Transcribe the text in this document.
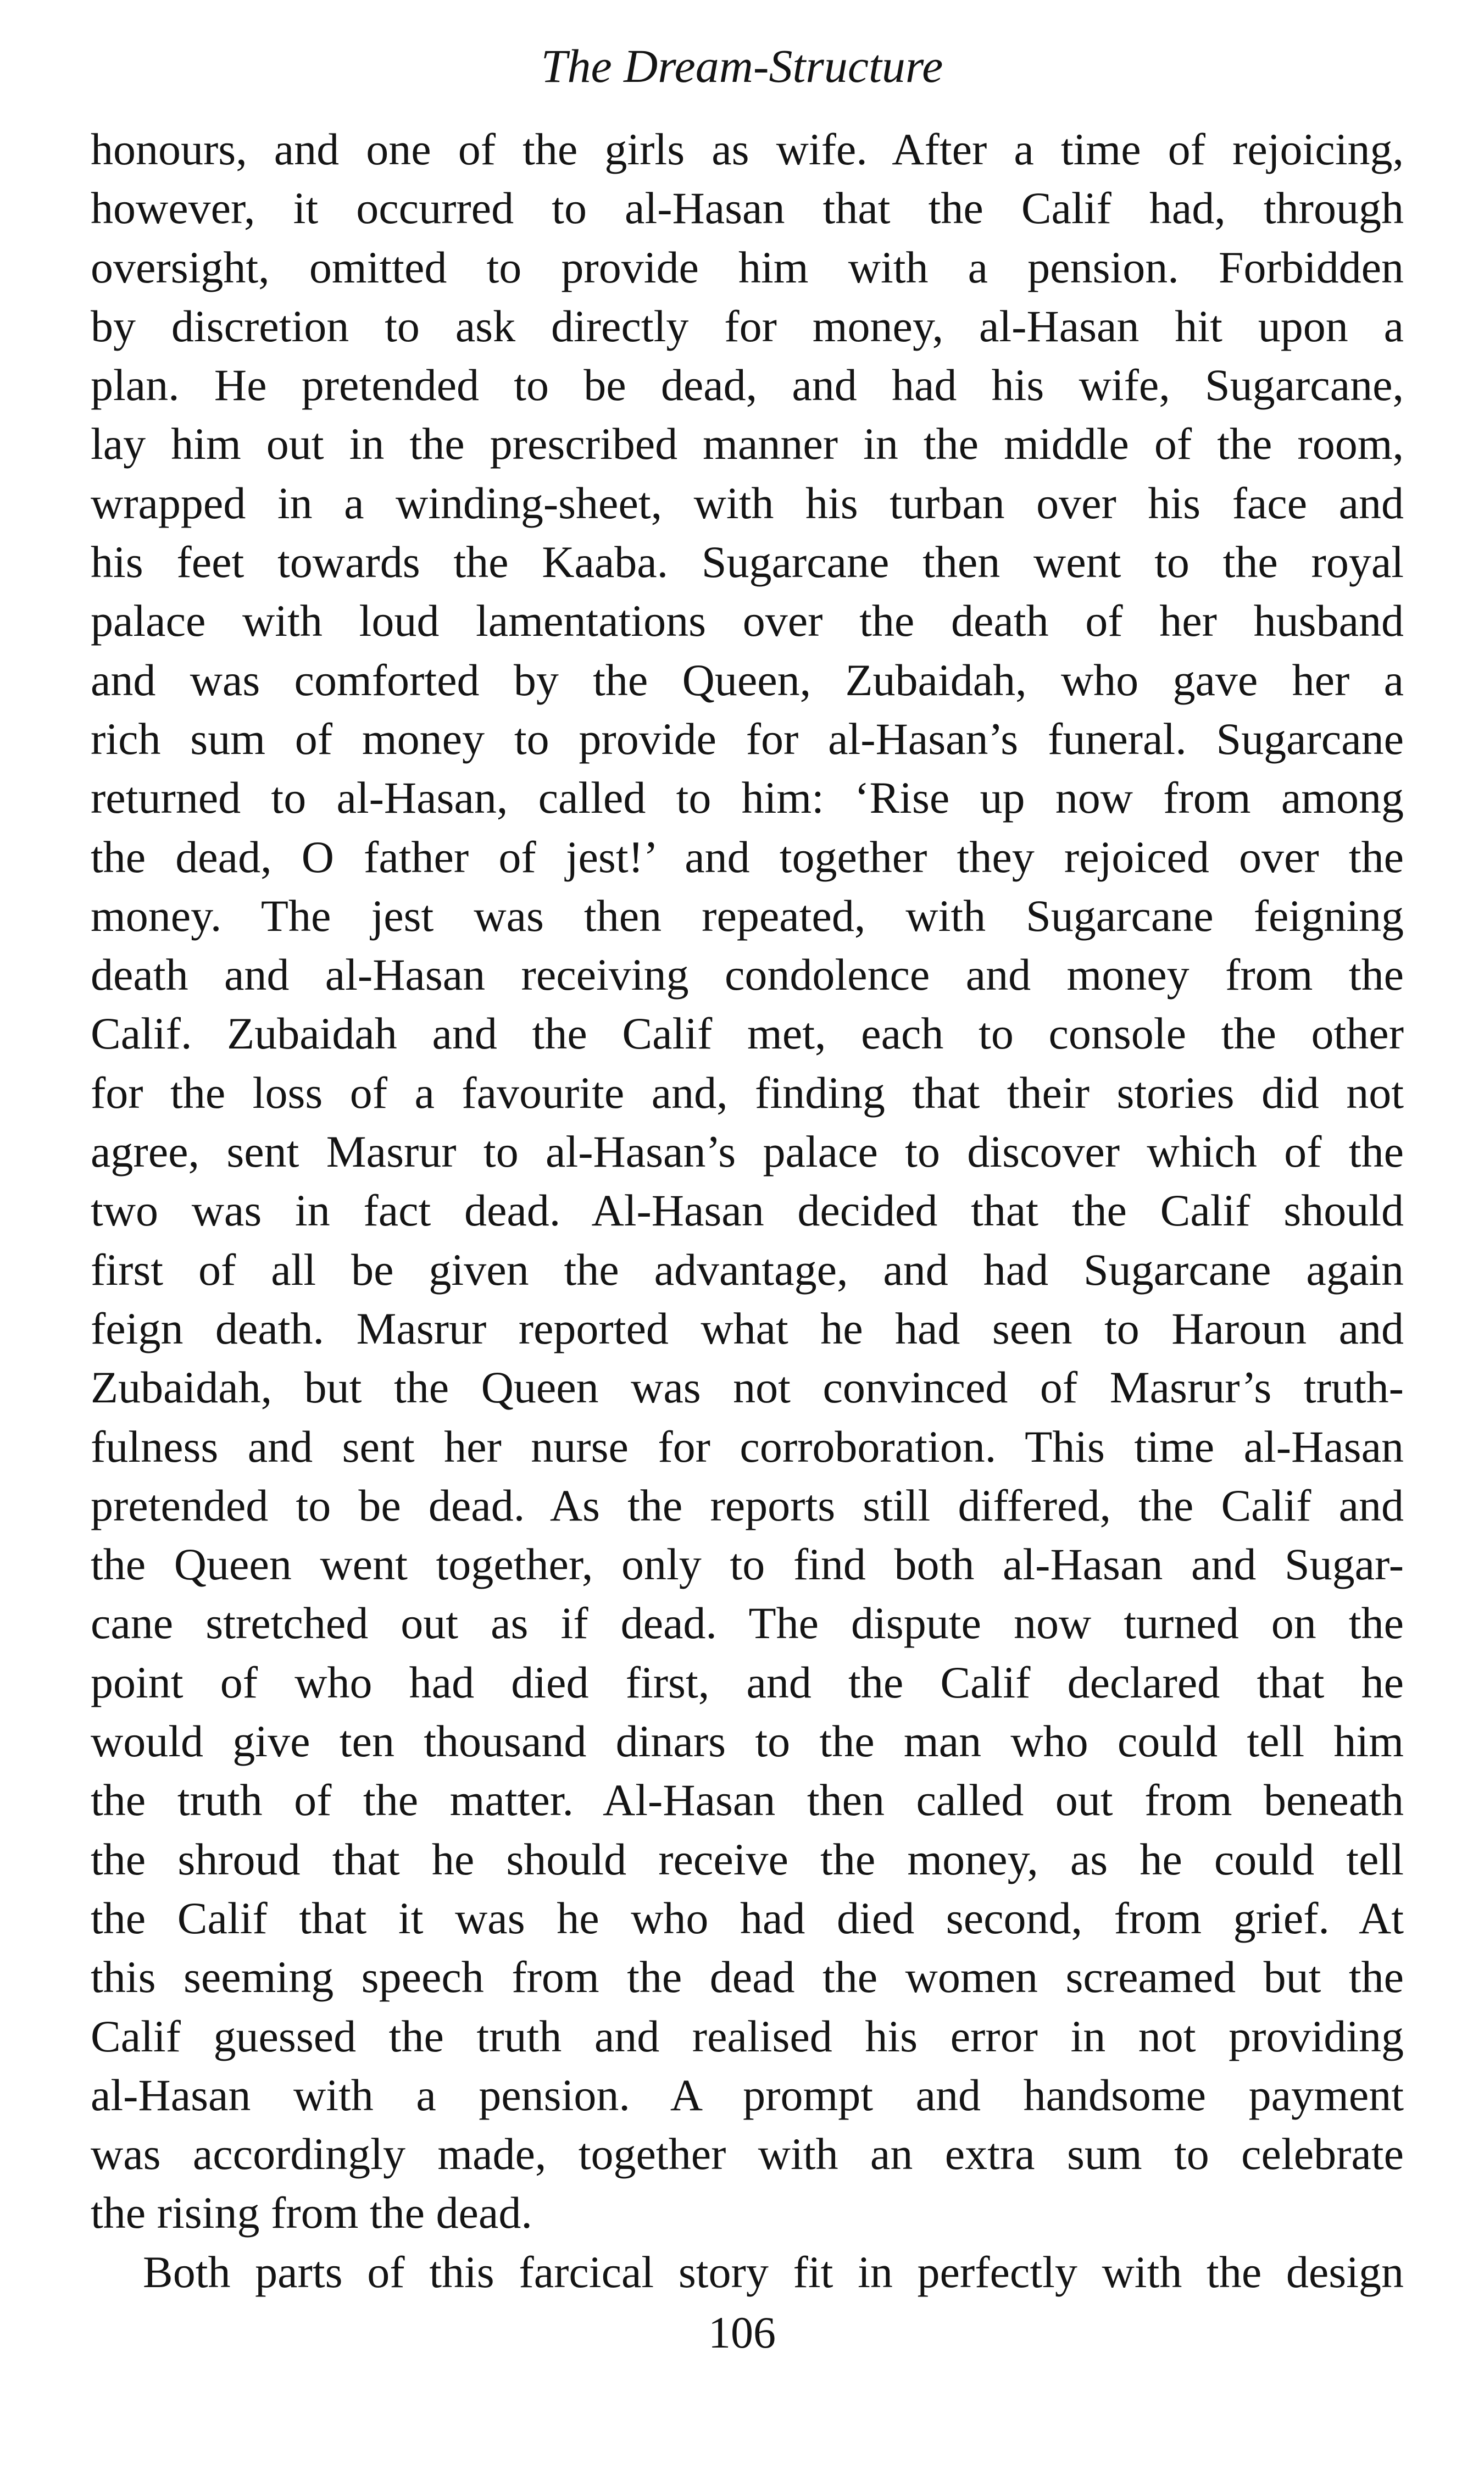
The Dream-Structure
honours, and one of the girls as wife. After a time of rejoicing,
however, it occurred to al-Hasan that the Calif had, through
oversight, omitted to provide him with a pension. Forbidden
by discretion to ask directly for money, al-Hasan hit upon a
plan. He pretended to be dead, and had his wife, Sugarcane,
lay him out in the prescribed manner in the middle of the room,
wrapped in a winding-sheet, with his turban over his face and
his feet towards the Kaaba. Sugarcane then went to the royal
palace with loud lamentations over the death of her husband
and was comforted by the Queen, Zubaidah, who gave her a
rich sum of money to provide for al-Hasan’s funeral. Sugarcane
returned to al-Hasan, called to him: ‘Rise up now from among
the dead, O father of jest!’ and together they rejoiced over the
money. The jest was then repeated, with Sugarcane feigning
death and al-Hasan receiving condolence and money from the
Calif. Zubaidah and the Calif met, each to console the other
for the loss of a favourite and, finding that their stories did not
agree, sent Masrur to al-Hasan’s palace to discover which of the
two was in fact dead. Al-Hasan decided that the Calif should
first of all be given the advantage, and had Sugarcane again
feign death. Masrur reported what he had seen to Haroun and
Zubaidah, but the Queen was not convinced of Masrur’s truth-
fulness and sent her nurse for corroboration. This time al-Hasan
pretended to be dead. As the reports still differed, the Calif and
the Queen went together, only to find both al-Hasan and Sugar-
cane stretched out as if dead. The dispute now turned on the
point of who had died first, and the Calif declared that he
would give ten thousand dinars to the man who could tell him
the truth of the matter. Al-Hasan then called out from beneath
the shroud that he should receive the money, as he could tell
the Calif that it was he who had died second, from grief. At
this seeming speech from the dead the women screamed but the
Calif guessed the truth and realised his error in not providing
al-Hasan with a pension. A prompt and handsome payment
was accordingly made, together with an extra sum to celebrate
the rising from the dead.
Both parts of this farcical story fit in perfectly with the design
106
